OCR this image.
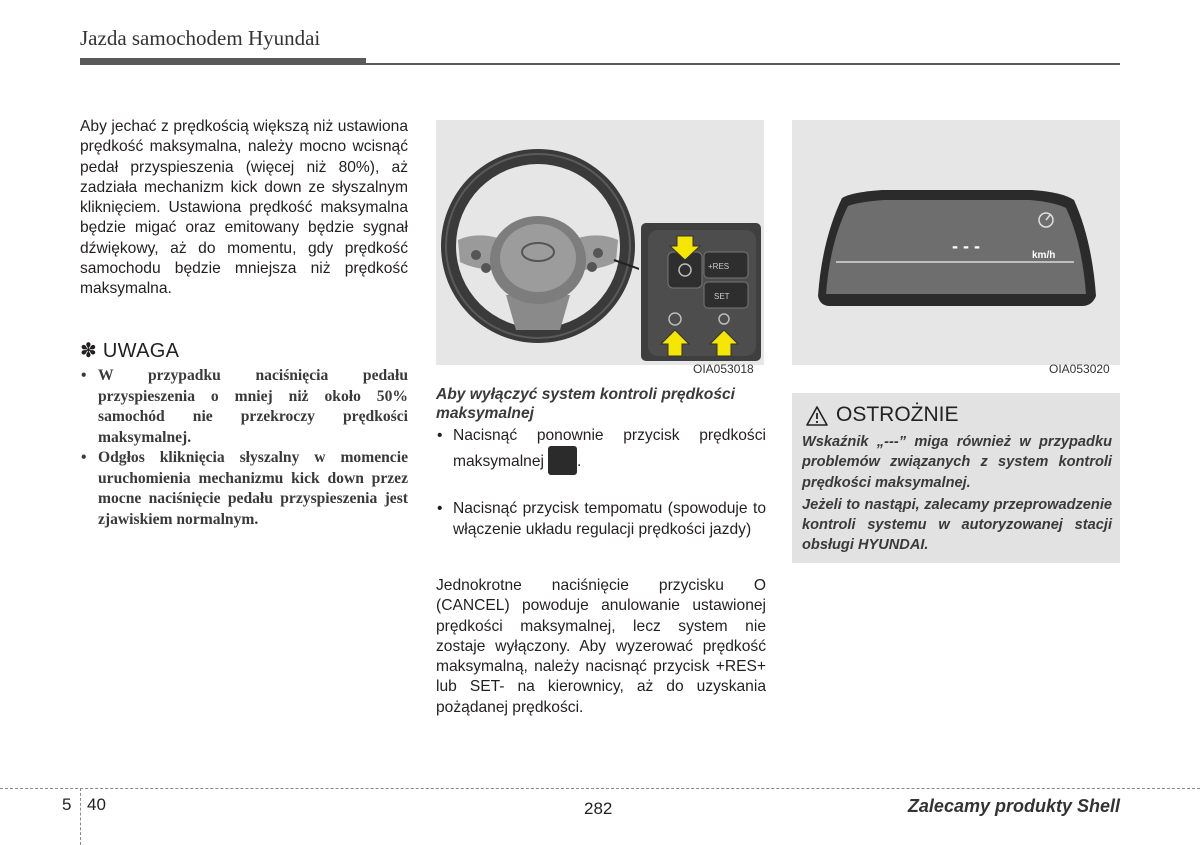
Jazda samochodem Hyundai

Aby jechać z prędkością większą niż ustawiona prędkość maksymalna, należy mocno wcisnąć pedał przyspieszenia (więcej niż 80%), aż zadziała mechanizm kick down ze słyszalnym kliknięciem. Ustawiona prędkość maksymalna będzie migać oraz emitowany będzie sygnał dźwiękowy, aż do momentu, gdy prędkość samochodu będzie mniejsza niż prędkość maksymalna.

✽ UWAGA
• W przypadku naciśnięcia pedału przyspieszenia o mniej niż około 50% samochód nie przekroczy prędkości maksymalnej.
• Odgłos kliknięcia słyszalny w momencie uruchomienia mechanizmu kick down przez mocne naciśnięcie pedału przyspieszenia jest zjawiskiem normalnym.
+RES
SET
OIA053018
- - -	km/h
OIA053020
Aby wyłączyć system kontroli prędkości maksymalnej
• Nacisnąć ponownie przycisk prędkości maksymalnej .
• Nacisnąć przycisk tempomatu (spowoduje to włączenie układu regulacji prędkości jazdy)

Jednokrotne naciśnięcie przycisku O (CANCEL) powoduje anulowanie ustawionej prędkości maksymalnej, lecz system nie zostaje wyłączony. Aby wyzerować prędkość maksymalną, należy nacisnąć przycisk +RES+ lub SET- na kierownicy, aż do uzyskania pożądanej prędkości.

OSTROŻNIE

Wskaźnik „---” miga również w przypadku problemów związanych z system kontroli prędkości maksymalnej.

Jeżeli to nastąpi, zalecamy przeprowadzenie kontroli systemu w autoryzowanej stacji obsługi HYUNDAI.

5 40	282	Zalecamy produkty Shell
